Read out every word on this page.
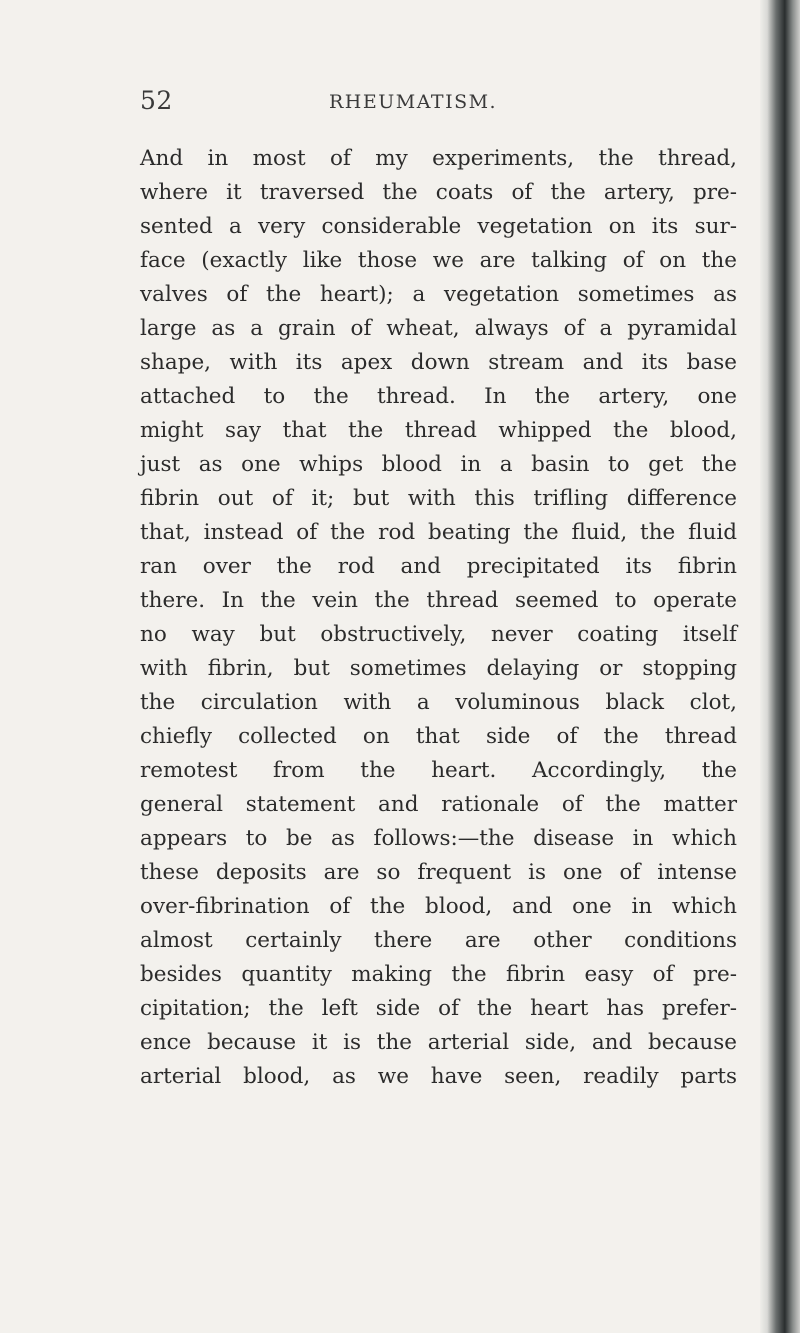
52	RHEUMATISM.
And in most of my experiments, the thread,
where it traversed the coats of the artery, pre-
sented a very considerable vegetation on its sur-
face (exactly like those we are talking of on the
valves of the heart); a vegetation sometimes as
large as a grain of wheat, always of a pyramidal
shape, with its apex down stream and its base
attached to the thread. In the artery, one
might say that the thread whipped the blood,
just as one whips blood in a basin to get the
fibrin out of it; but with this trifling difference
that, instead of the rod beating the fluid, the fluid
ran over the rod and precipitated its fibrin
there. In the vein the thread seemed to operate
no way but obstructively, never coating itself
with fibrin, but sometimes delaying or stopping
the circulation with a voluminous black clot,
chiefly collected on that side of the thread
remotest from the heart. Accordingly, the
general statement and rationale of the matter
appears to be as follows:—the disease in which
these deposits are so frequent is one of intense
over-fibrination of the blood, and one in which
almost certainly there are other conditions
besides quantity making the fibrin easy of pre-
cipitation; the left side of the heart has prefer-
ence because it is the arterial side, and because
arterial blood, as we have seen, readily parts
